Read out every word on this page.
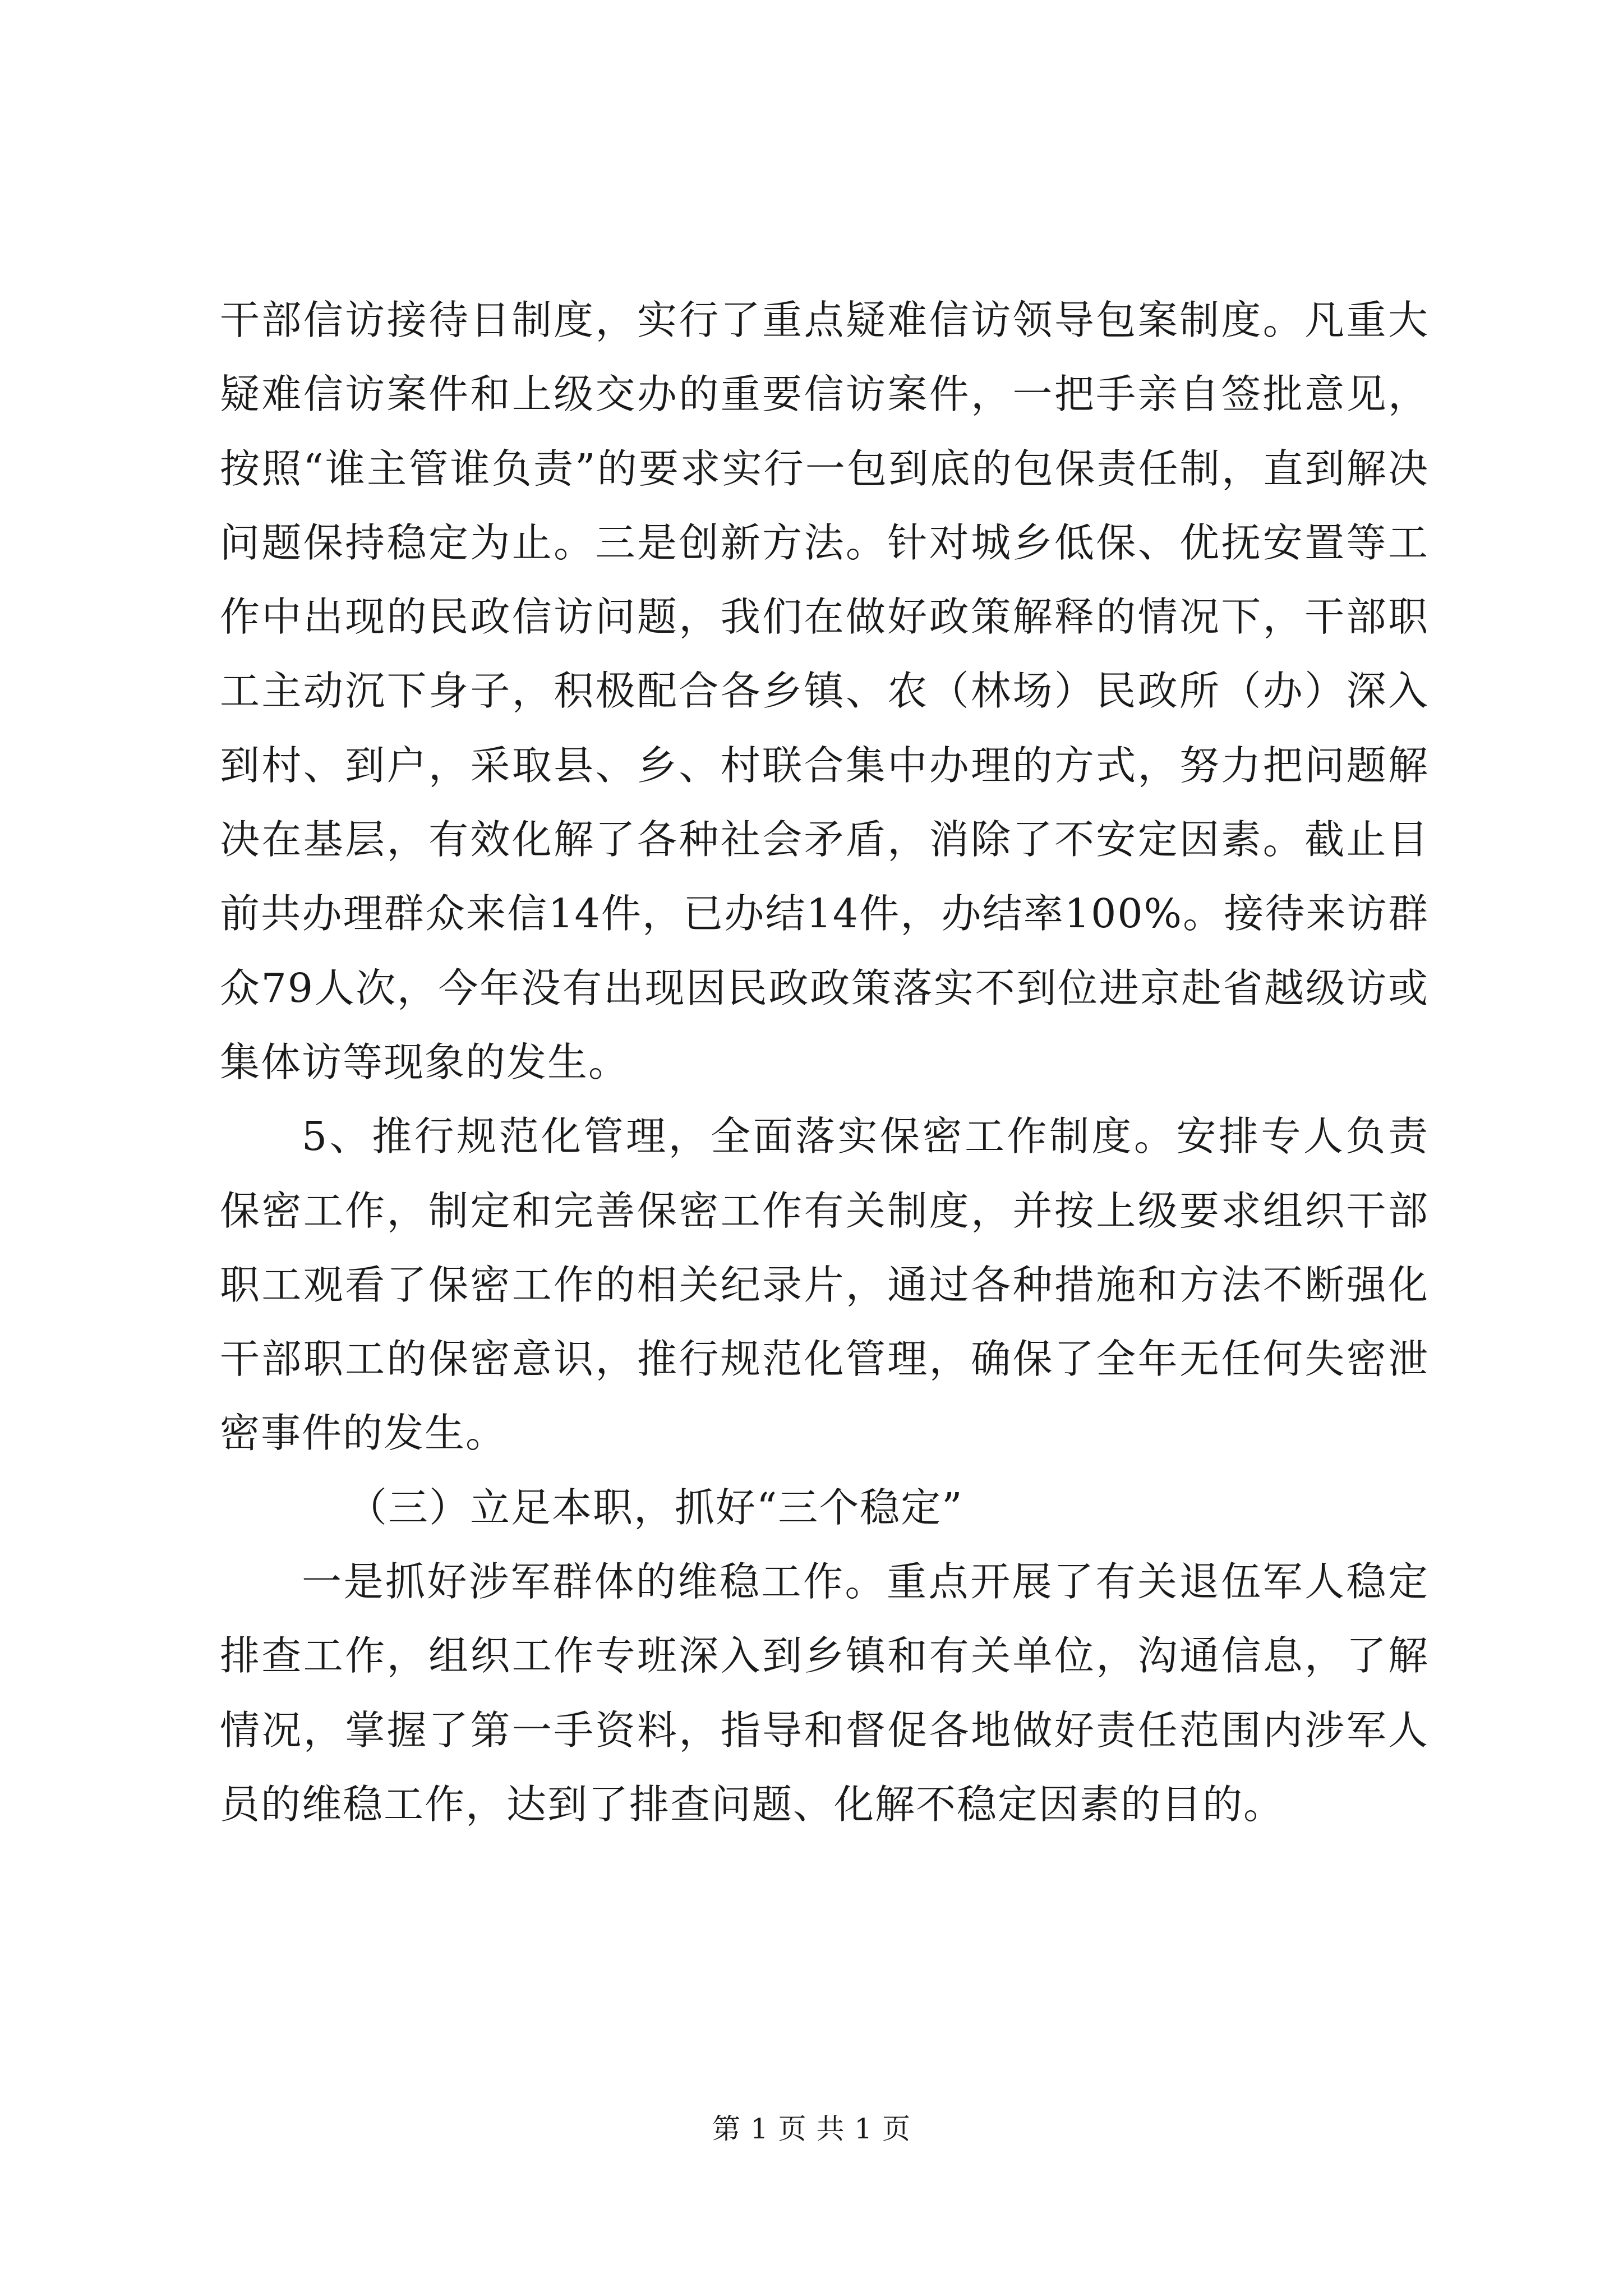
干部信访接待日制度，实行了重点疑难信访领导包案制度。凡重大疑难信访案件和上级交办的重要信访案件，一把手亲自签批意见，按照“谁主管谁负责”的要求实行一包到底的包保责任制，直到解决问题保持稳定为止。三是创新方法。针对城乡低保、优抚安置等工作中出现的民政信访问题，我们在做好政策解释的情况下，干部职工主动沉下身子，积极配合各乡镇、农（林场）民政所（办）深入到村、到户，采取县、乡、村联合集中办理的方式，努力把问题解决在基层，有效化解了各种社会矛盾，消除了不安定因素。截止目前共办理群众来信14件，已办结14件，办结率100%。接待来访群众79人次，今年没有出现因民政政策落实不到位进京赴省越级访或集体访等现象的发生。

5、推行规范化管理，全面落实保密工作制度。安排专人负责保密工作，制定和完善保密工作有关制度，并按上级要求组织干部职工观看了保密工作的相关纪录片，通过各种措施和方法不断强化干部职工的保密意识，推行规范化管理，确保了全年无任何失密泄密事件的发生。

（三）立足本职，抓好“三个稳定”

一是抓好涉军群体的维稳工作。重点开展了有关退伍军人稳定排查工作，组织工作专班深入到乡镇和有关单位，沟通信息，了解情况，掌握了第一手资料，指导和督促各地做好责任范围内涉军人员的维稳工作，达到了排查问题、化解不稳定因素的目的。

第 1 页 共 1 页
